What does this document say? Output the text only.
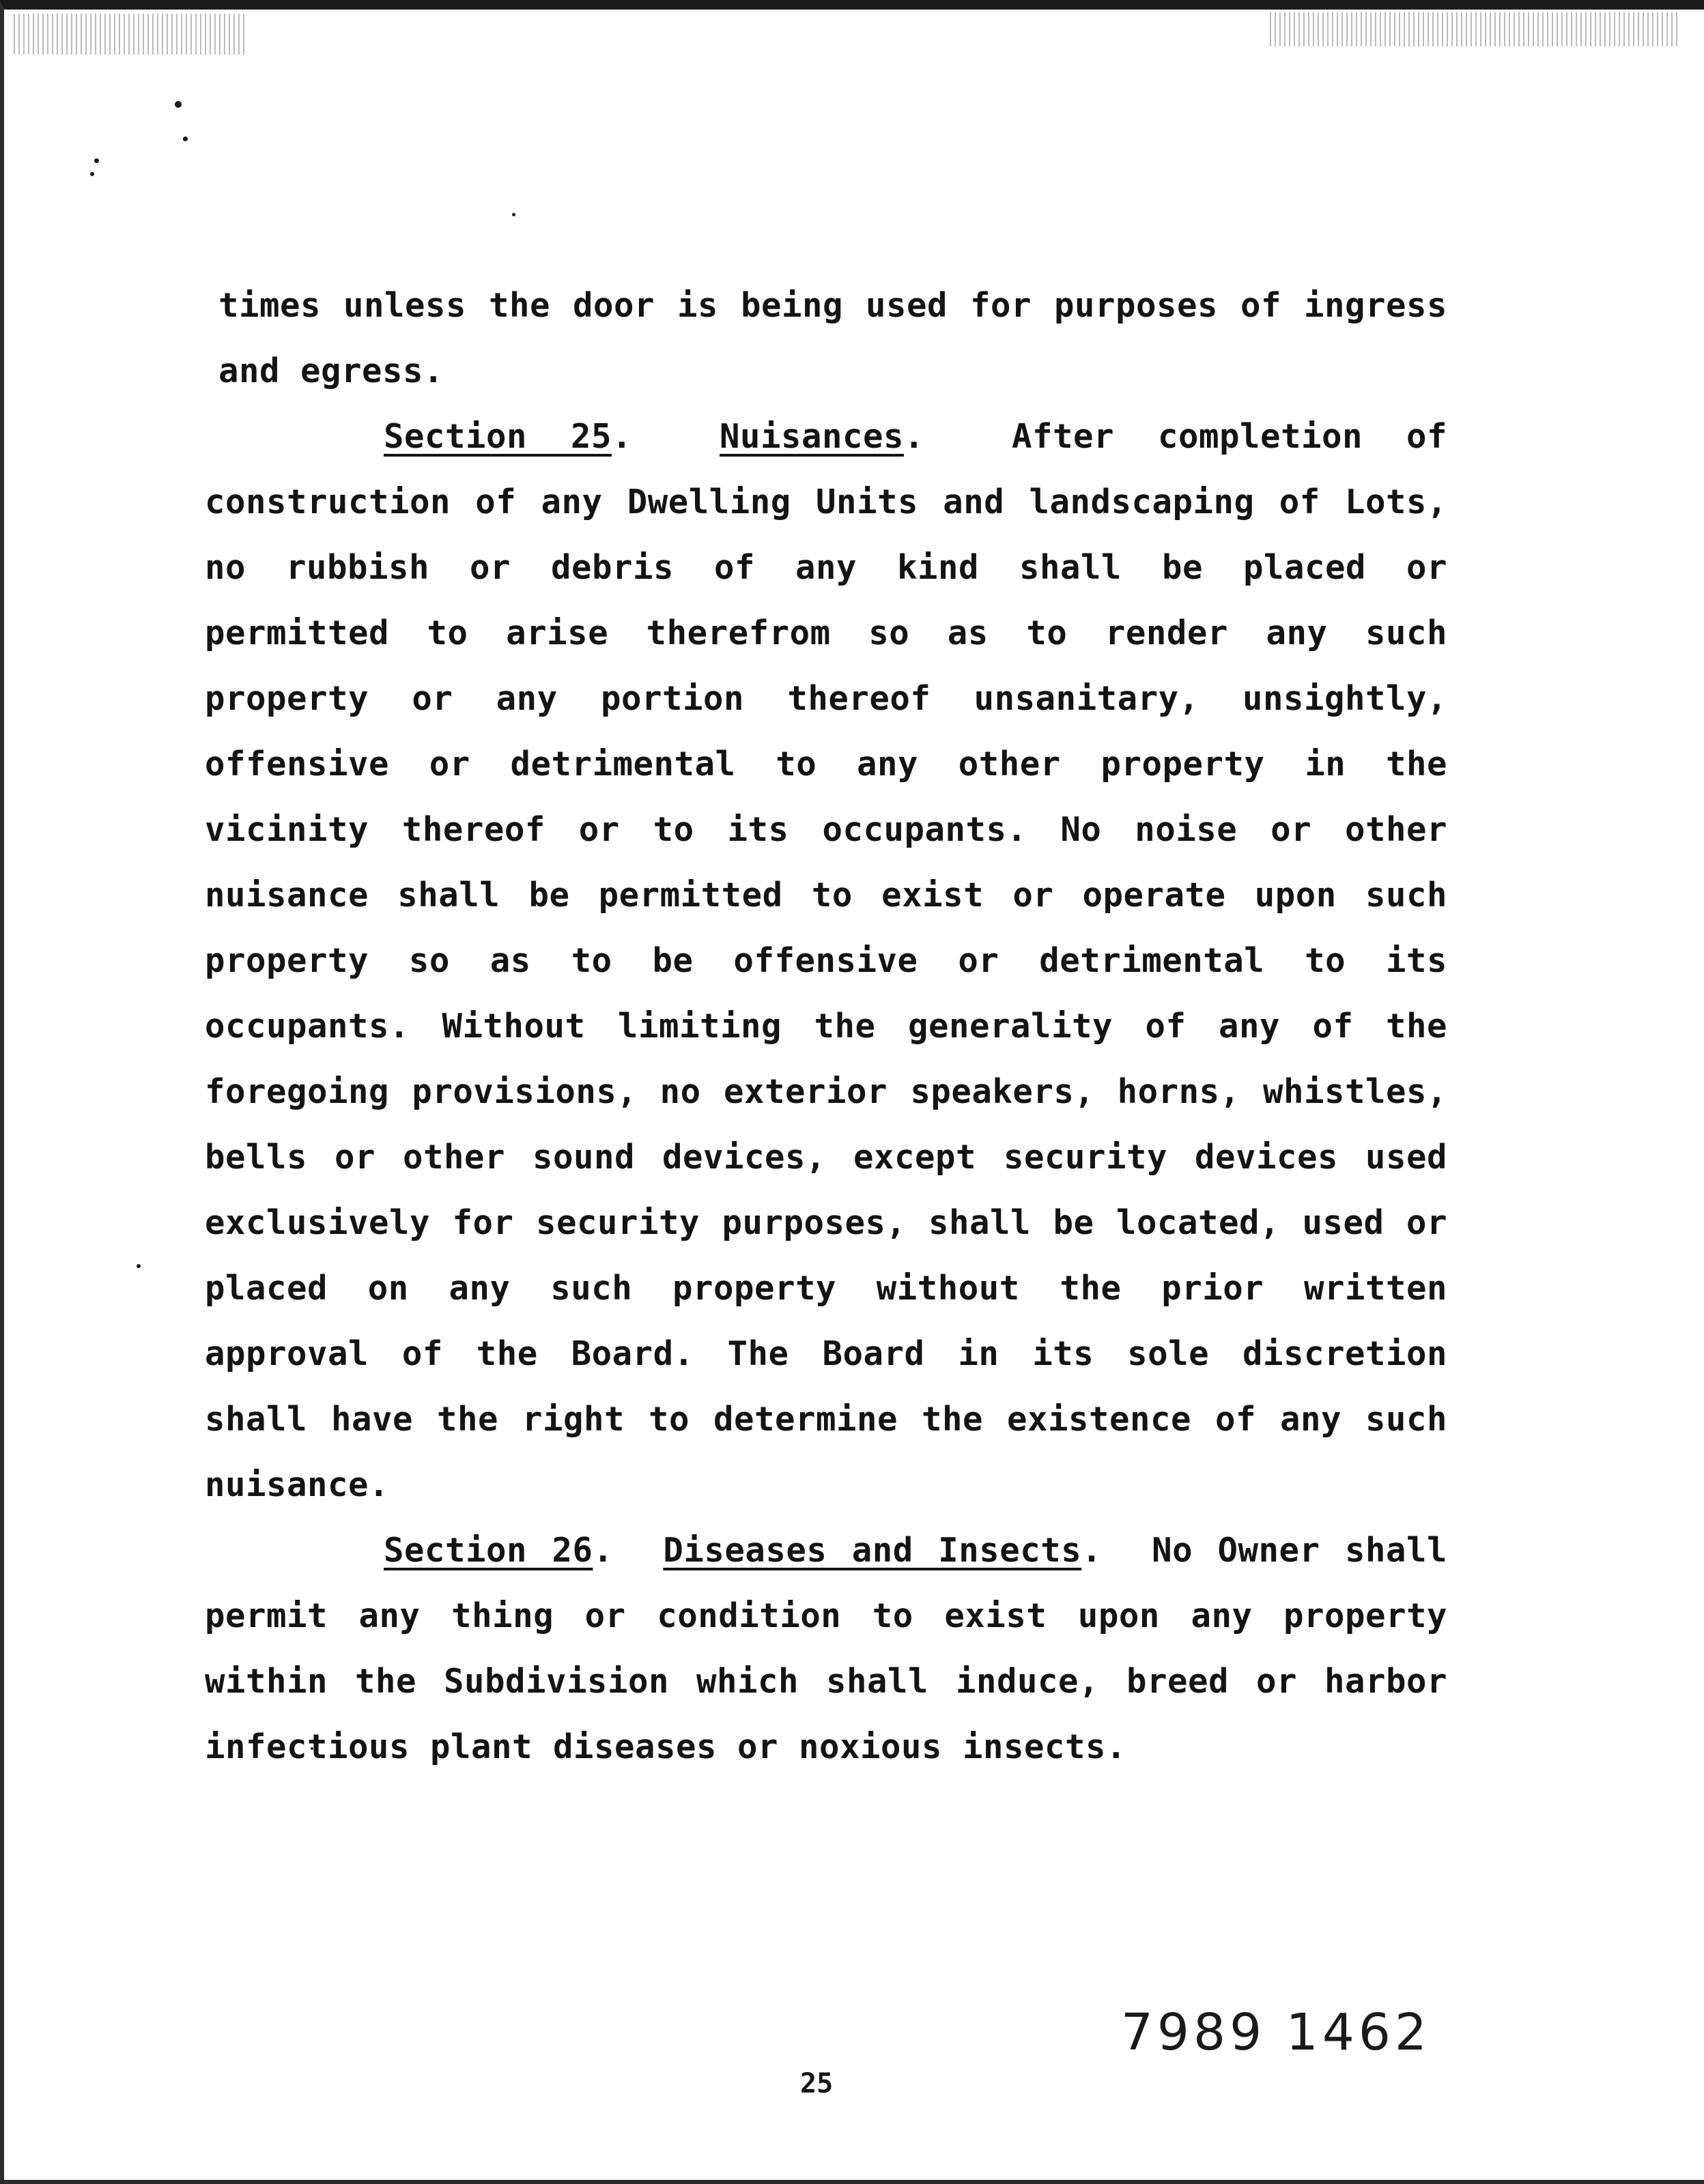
times unless the door is being used for purposes of ingress and egress.

Section 25.  Nuisances.  After completion of construction of any Dwelling Units and landscaping of Lots, no rubbish or debris of any kind shall be placed or permitted to arise therefrom so as to render any such property or any portion thereof unsanitary, unsightly, offensive or detrimental to any other property in the vicinity thereof or to its occupants. No noise or other nuisance shall be permitted to exist or operate upon such property so as to be offensive or detrimental to its occupants. Without limiting the generality of any of the foregoing provisions, no exterior speakers, horns, whistles, bells or other sound devices, except security devices used exclusively for security purposes, shall be located, used or placed on any such property without the prior written approval of the Board. The Board in its sole discretion shall have the right to determine the existence of any such nuisance.

Section 26.  Diseases and Insects.  No Owner shall permit any thing or condition to exist upon any property within the Subdivision which shall induce, breed or harbor infectious plant diseases or noxious insects.

7989 1462
25
